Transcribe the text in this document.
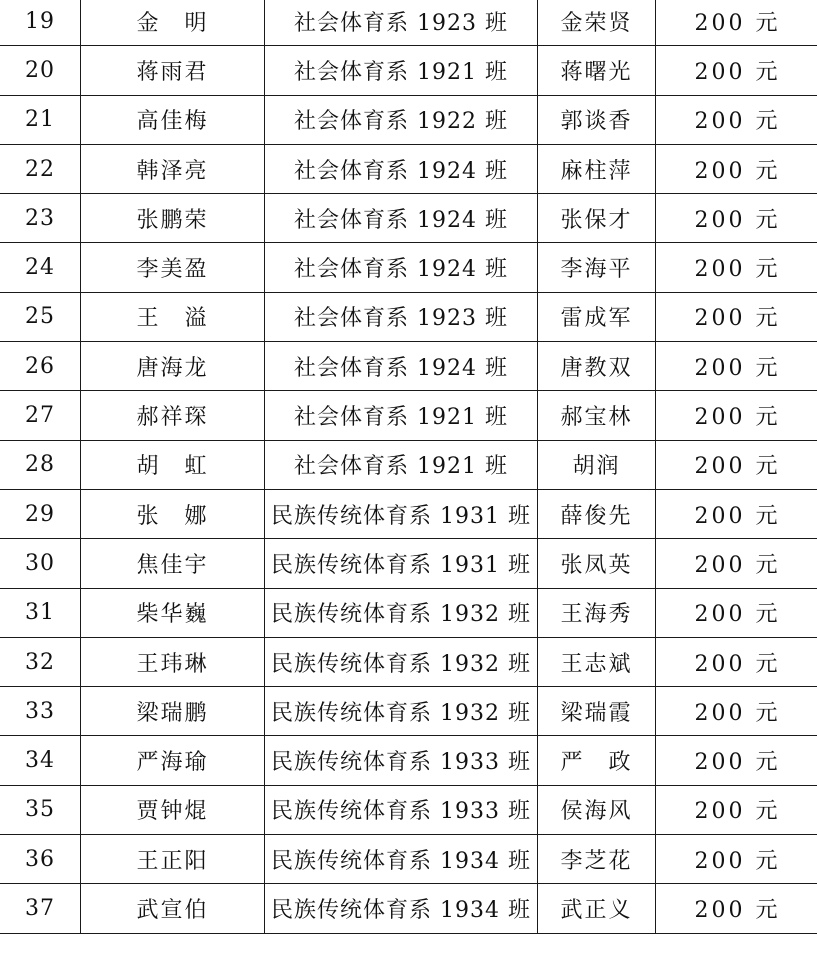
19	金　明	社会体育系 1923 班	金荣贤	200 元
20	蒋雨君	社会体育系 1921 班	蒋曙光	200 元
21	高佳梅	社会体育系 1922 班	郭谈香	200 元
22	韩泽亮	社会体育系 1924 班	麻柱萍	200 元
23	张鹏荣	社会体育系 1924 班	张保才	200 元
24	李美盈	社会体育系 1924 班	李海平	200 元
25	王　溢	社会体育系 1923 班	雷成军	200 元
26	唐海龙	社会体育系 1924 班	唐教双	200 元
27	郝祥琛	社会体育系 1921 班	郝宝林	200 元
28	胡　虹	社会体育系 1921 班	胡润	200 元
29	张　娜	民族传统体育系 1931 班	薛俊先	200 元
30	焦佳宇	民族传统体育系 1931 班	张凤英	200 元
31	柴华巍	民族传统体育系 1932 班	王海秀	200 元
32	王玮琳	民族传统体育系 1932 班	王志斌	200 元
33	梁瑞鹏	民族传统体育系 1932 班	梁瑞霞	200 元
34	严海瑜	民族传统体育系 1933 班	严　政	200 元
35	贾钟焜	民族传统体育系 1933 班	侯海风	200 元
36	王正阳	民族传统体育系 1934 班	李芝花	200 元
37	武宣伯	民族传统体育系 1934 班	武正义	200 元
